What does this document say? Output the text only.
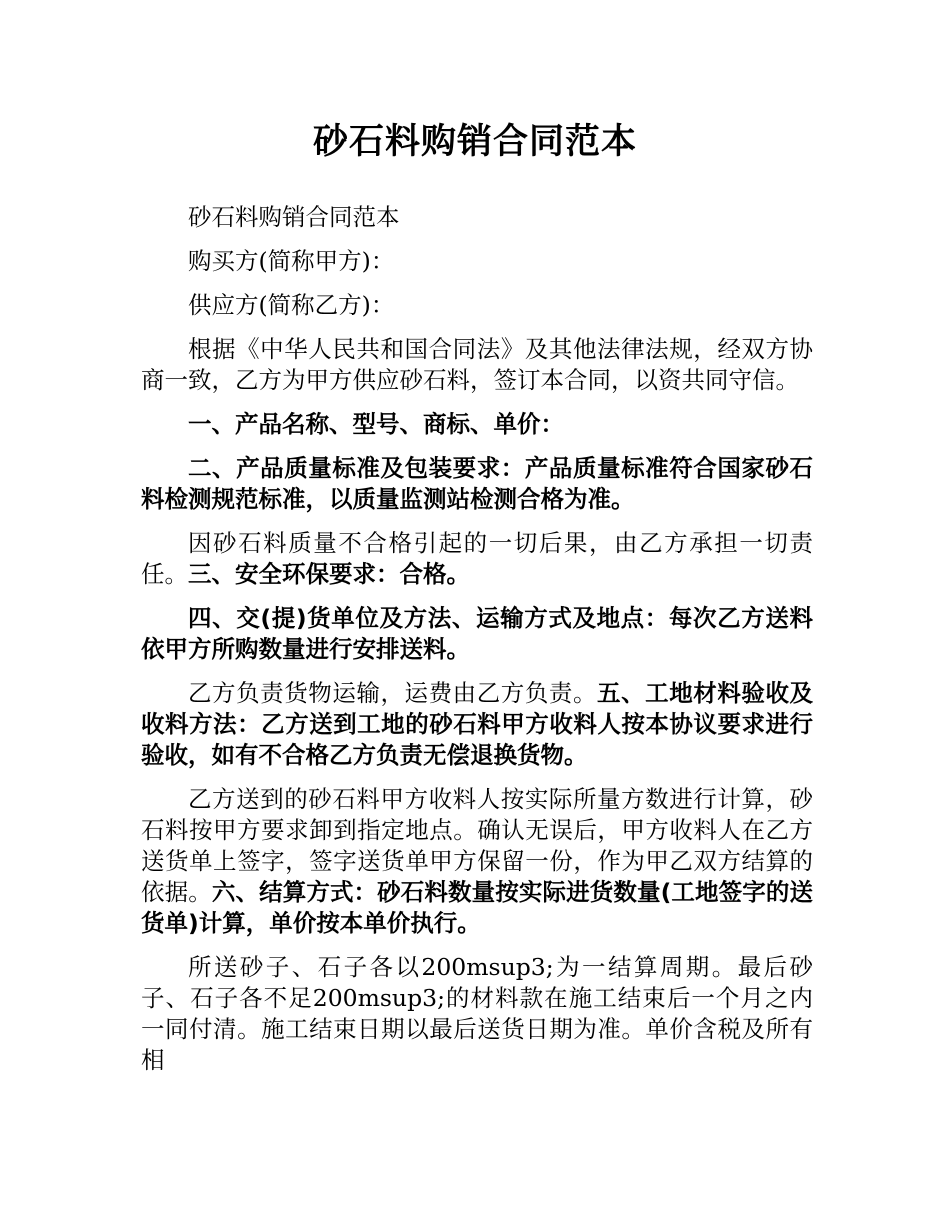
砂石料购销合同范本

砂石料购销合同范本

购买方(简称甲方)：

供应方(简称乙方)：

根据《中华人民共和国合同法》及其他法律法规，经双方协商一致，乙方为甲方供应砂石料，签订本合同，以资共同守信。

一、产品名称、型号、商标、单价：

二、产品质量标准及包装要求：产品质量标准符合国家砂石料检测规范标准，以质量监测站检测合格为准。

因砂石料质量不合格引起的一切后果，由乙方承担一切责任。三、安全环保要求：合格。

四、交(提)货单位及方法、运输方式及地点：每次乙方送料依甲方所购数量进行安排送料。

乙方负责货物运输，运费由乙方负责。五、工地材料验收及收料方法：乙方送到工地的砂石料甲方收料人按本协议要求进行验收，如有不合格乙方负责无偿退换货物。

乙方送到的砂石料甲方收料人按实际所量方数进行计算，砂石料按甲方要求卸到指定地点。确认无误后，甲方收料人在乙方送货单上签字，签字送货单甲方保留一份，作为甲乙双方结算的依据。六、结算方式：砂石料数量按实际进货数量(工地签字的送货单)计算，单价按本单价执行。

所送砂子、石子各以200msup3;为一结算周期。最后砂子、石子各不足200msup3;的材料款在施工结束后一个月之内一同付清。施工结束日期以最后送货日期为准。单价含税及所有相
